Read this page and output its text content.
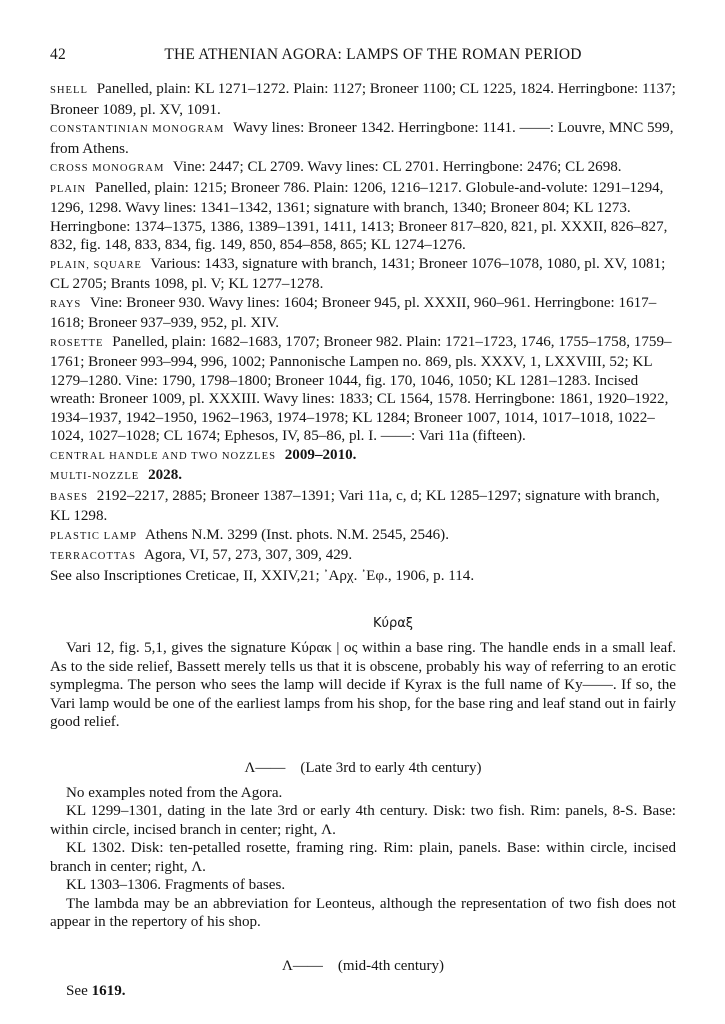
42	THE ATHENIAN AGORA: LAMPS OF THE ROMAN PERIOD
SHELL Panelled, plain: KL 1271–1272. Plain: 1127; Broneer 1100; CL 1225, 1824. Herringbone: 1137; Broneer 1089, pl. XV, 1091.
CONSTANTINIAN MONOGRAM Wavy lines: Broneer 1342. Herringbone: 1141. ——: Louvre, MNC 599, from Athens.
CROSS MONOGRAM Vine: 2447; CL 2709. Wavy lines: CL 2701. Herringbone: 2476; CL 2698.
PLAIN Panelled, plain: 1215; Broneer 786. Plain: 1206, 1216–1217. Globule-and-volute: 1291–1294, 1296, 1298. Wavy lines: 1341–1342, 1361; signature with branch, 1340; Broneer 804; KL 1273. Herringbone: 1374–1375, 1386, 1389–1391, 1411, 1413; Broneer 817–820, 821, pl. XXXII, 826–827, 832, fig. 148, 833, 834, fig. 149, 850, 854–858, 865; KL 1274–1276.
PLAIN, SQUARE Various: 1433, signature with branch, 1431; Broneer 1076–1078, 1080, pl. XV, 1081; CL 2705; Brants 1098, pl. V; KL 1277–1278.
RAYS Vine: Broneer 930. Wavy lines: 1604; Broneer 945, pl. XXXII, 960–961. Herringbone: 1617–1618; Broneer 937–939, 952, pl. XIV.
ROSETTE Panelled, plain: 1682–1683, 1707; Broneer 982. Plain: 1721–1723, 1746, 1755–1758, 1759–1761; Broneer 993–994, 996, 1002; Pannonische Lampen no. 869, pls. XXXV, 1, LXXVIII, 52; KL 1279–1280. Vine: 1790, 1798–1800; Broneer 1044, fig. 170, 1046, 1050; KL 1281–1283. Incised wreath: Broneer 1009, pl. XXXIII. Wavy lines: 1833; CL 1564, 1578. Herringbone: 1861, 1920–1922, 1934–1937, 1942–1950, 1962–1963, 1974–1978; KL 1284; Broneer 1007, 1014, 1017–1018, 1022–1024, 1027–1028; CL 1674; Ephesos, IV, 85–86, pl. I. ——: Vari 11a (fifteen).
CENTRAL HANDLE AND TWO NOZZLES 2009–2010.
MULTI-NOZZLE 2028.
BASES 2192–2217, 2885; Broneer 1387–1391; Vari 11a, c, d; KL 1285–1297; signature with branch, KL 1298.
PLASTIC LAMP Athens N.M. 3299 (Inst. phots. N.M. 2545, 2546).
TERRACOTTAS Agora, VI, 57, 273, 307, 309, 429.
See also Inscriptiones Creticae, II, XXIV,21; ᾿Αρχ. ᾿Εφ., 1906, p. 114.
Κύραξ

Vari 12, fig. 5,1, gives the signature Κύρακ | ος within a base ring. The handle ends in a small leaf. As to the side relief, Bassett merely tells us that it is obscene, probably his way of referring to an erotic symplegma. The person who sees the lamp will decide if Kyrax is the full name of Ky——. If so, the Vari lamp would be one of the earliest lamps from his shop, for the base ring and leaf stand out in fairly good relief.

Λ—— (Late 3rd to early 4th century)

No examples noted from the Agora.

KL 1299–1301, dating in the late 3rd or early 4th century. Disk: two fish. Rim: panels, 8-S. Base: within circle, incised branch in center; right, Λ.

KL 1302. Disk: ten-petalled rosette, framing ring. Rim: plain, panels. Base: within circle, incised branch in center; right, Λ.

KL 1303–1306. Fragments of bases.

The lambda may be an abbreviation for Leonteus, although the representation of two fish does not appear in the repertory of his shop.

Λ—— (mid-4th century)

See 1619.
